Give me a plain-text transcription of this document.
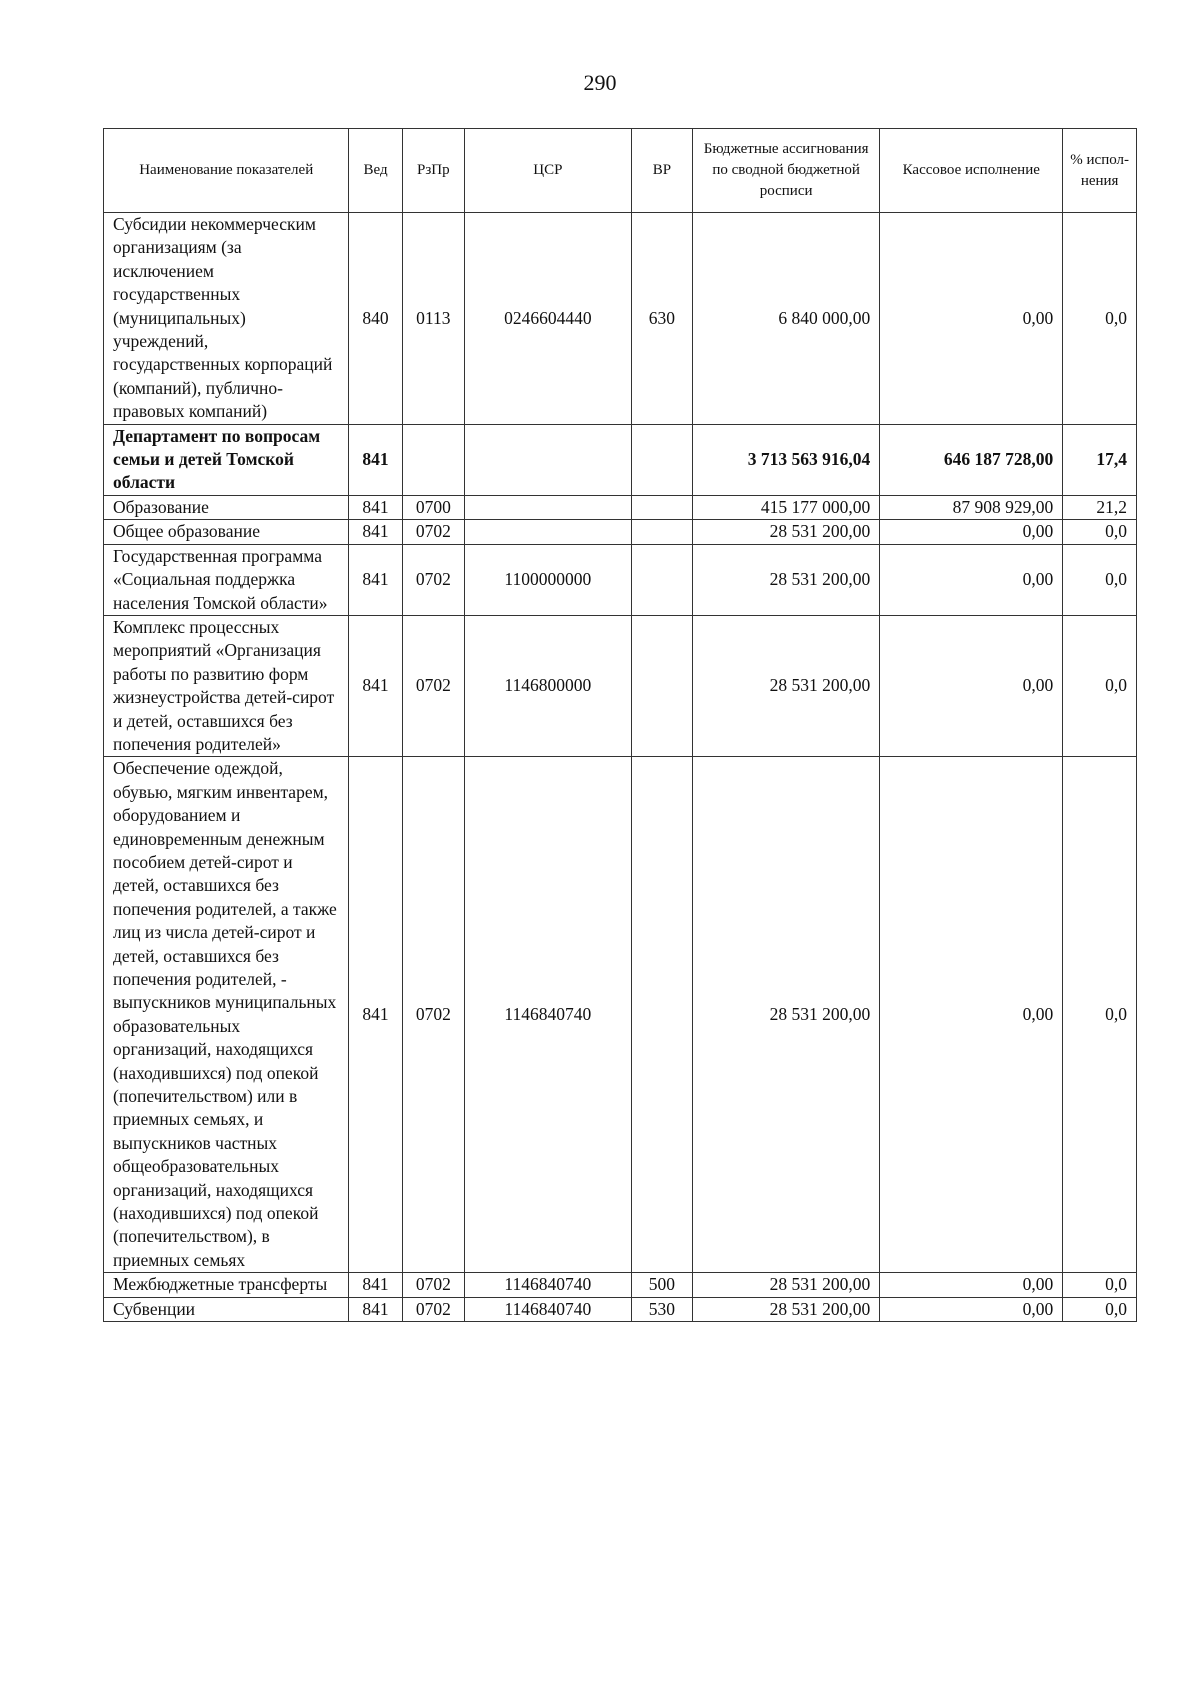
290
Наименование показателей	Вед	РзПр	ЦСР	ВР	Бюджетные ассигнования по сводной бюджетной росписи	Кассовое исполнение	% испол-нения
Субсидии некоммерческим организациям (за исключением государственных (муниципальных) учреждений, государственных корпораций (компаний), публично-правовых компаний)	840	0113	0246604440	630	6 840 000,00	0,00	0,0
Департамент по вопросам семьи и детей Томской области	841				3 713 563 916,04	646 187 728,00	17,4
Образование	841	0700			415 177 000,00	87 908 929,00	21,2
Общее образование	841	0702			28 531 200,00	0,00	0,0
Государственная программа «Социальная поддержка населения Томской области»	841	0702	1100000000		28 531 200,00	0,00	0,0
Комплекс процессных мероприятий «Организация работы по развитию форм жизнеустройства детей-сирот и детей, оставшихся без попечения родителей»	841	0702	1146800000		28 531 200,00	0,00	0,0
Обеспечение одеждой, обувью, мягким инвентарем, оборудованием и единовременным денежным пособием детей-сирот и детей, оставшихся без попечения родителей, а также лиц из числа детей-сирот и детей, оставшихся без попечения родителей, - выпускников муниципальных образовательных организаций, находящихся (находившихся) под опекой (попечительством) или в приемных семьях, и выпускников частных общеобразовательных организаций, находящихся (находившихся) под опекой (попечительством), в приемных семьях	841	0702	1146840740		28 531 200,00	0,00	0,0
Межбюджетные трансферты	841	0702	1146840740	500	28 531 200,00	0,00	0,0
Субвенции	841	0702	1146840740	530	28 531 200,00	0,00	0,0
